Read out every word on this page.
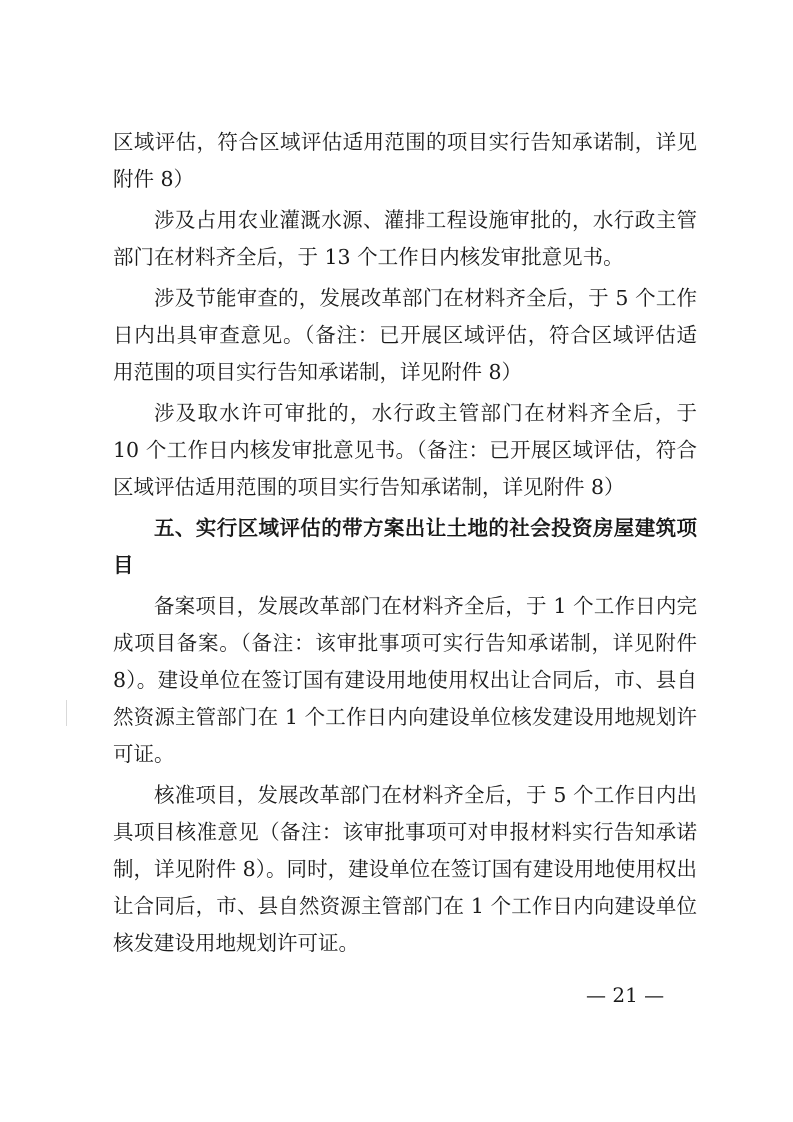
区域评估，符合区域评估适用范围的项目实行告知承诺制，详见附件 8）

涉及占用农业灌溉水源、灌排工程设施审批的，水行政主管部门在材料齐全后，于 13 个工作日内核发审批意见书。

涉及节能审查的，发展改革部门在材料齐全后，于 5 个工作日内出具审查意见。（备注：已开展区域评估，符合区域评估适用范围的项目实行告知承诺制，详见附件 8）

涉及取水许可审批的，水行政主管部门在材料齐全后，于 10 个工作日内核发审批意见书。（备注：已开展区域评估，符合区域评估适用范围的项目实行告知承诺制，详见附件 8）

五、实行区域评估的带方案出让土地的社会投资房屋建筑项目

备案项目，发展改革部门在材料齐全后，于 1 个工作日内完成项目备案。（备注：该审批事项可实行告知承诺制，详见附件 8）。建设单位在签订国有建设用地使用权出让合同后，市、县自然资源主管部门在 1 个工作日内向建设单位核发建设用地规划许可证。

核准项目，发展改革部门在材料齐全后，于 5 个工作日内出具项目核准意见（备注：该审批事项可对申报材料实行告知承诺制，详见附件 8）。同时，建设单位在签订国有建设用地使用权出让合同后，市、县自然资源主管部门在 1 个工作日内向建设单位核发建设用地规划许可证。

— 21 —
